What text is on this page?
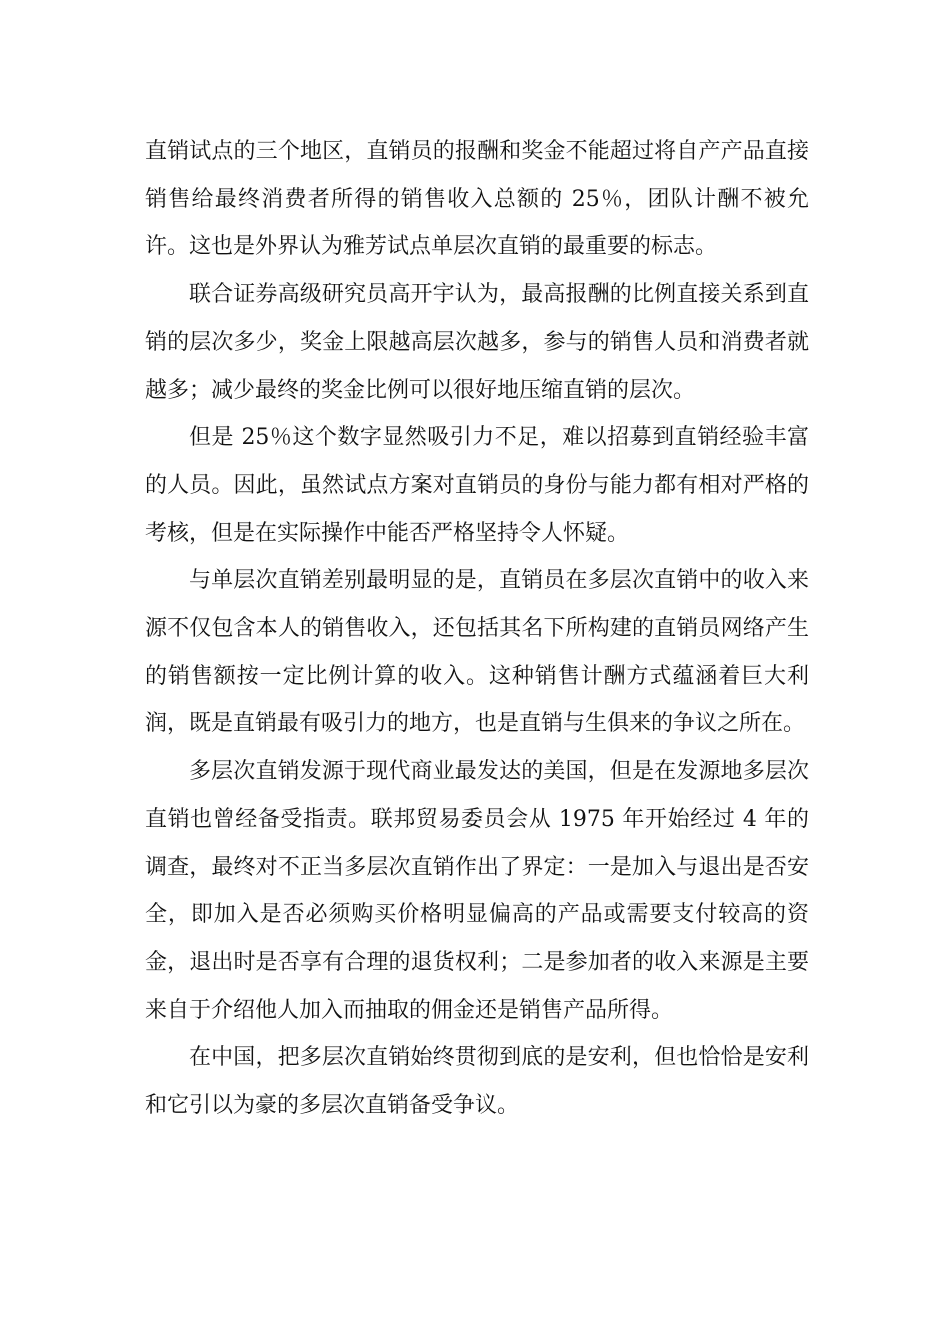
直销试点的三个地区，直销员的报酬和奖金不能超过将自产产品直接销售给最终消费者所得的销售收入总额的 25％，团队计酬不被允许。这也是外界认为雅芳试点单层次直销的最重要的标志。

联合证券高级研究员高开宇认为，最高报酬的比例直接关系到直销的层次多少，奖金上限越高层次越多，参与的销售人员和消费者就越多；减少最终的奖金比例可以很好地压缩直销的层次。

但是 25％这个数字显然吸引力不足，难以招募到直销经验丰富的人员。因此，虽然试点方案对直销员的身份与能力都有相对严格的考核，但是在实际操作中能否严格坚持令人怀疑。

与单层次直销差别最明显的是，直销员在多层次直销中的收入来源不仅包含本人的销售收入，还包括其名下所构建的直销员网络产生的销售额按一定比例计算的收入。这种销售计酬方式蕴涵着巨大利润，既是直销最有吸引力的地方，也是直销与生俱来的争议之所在。

多层次直销发源于现代商业最发达的美国，但是在发源地多层次直销也曾经备受指责。联邦贸易委员会从 1975 年开始经过 4 年的调查，最终对不正当多层次直销作出了界定：一是加入与退出是否安全，即加入是否必须购买价格明显偏高的产品或需要支付较高的资金，退出时是否享有合理的退货权利；二是参加者的收入来源是主要来自于介绍他人加入而抽取的佣金还是销售产品所得。

在中国，把多层次直销始终贯彻到底的是安利，但也恰恰是安利和它引以为豪的多层次直销备受争议。
